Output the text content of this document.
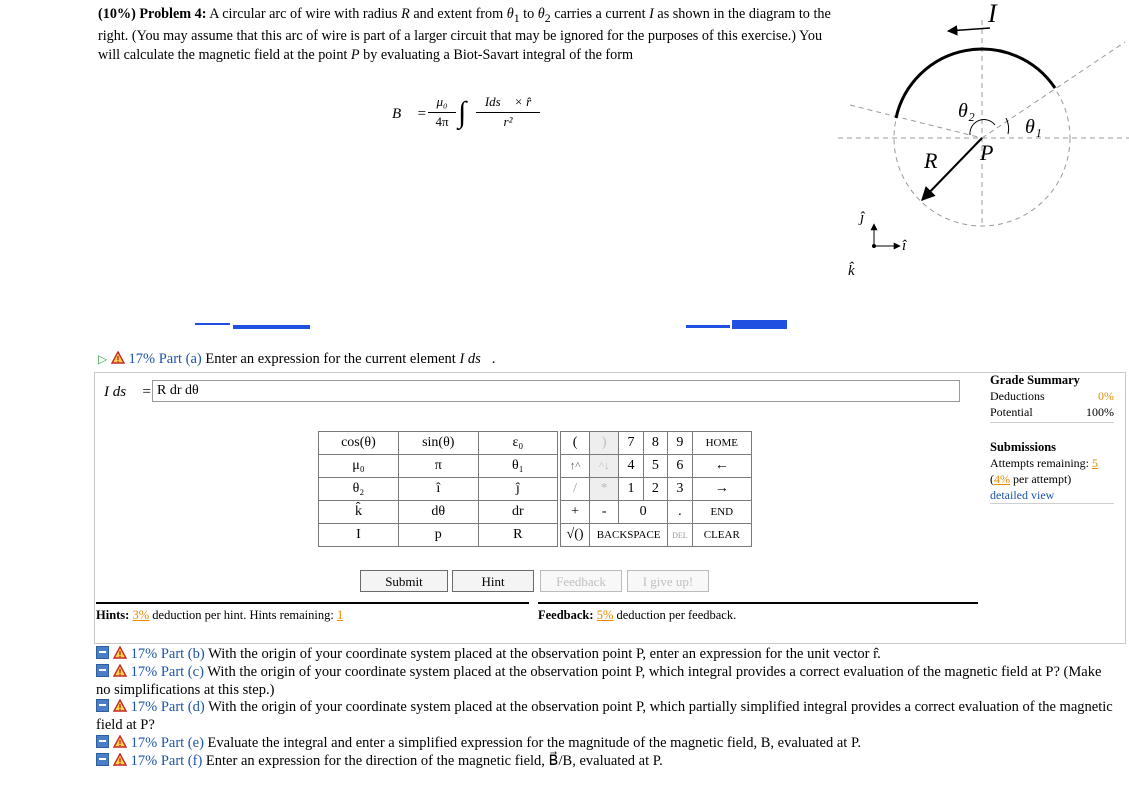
(10%) Problem 4: A circular arc of wire with radius R and extent from $\theta_1$ to $\theta_2$ carries a current I as shown in the diagram to the right. (You may assume that this arc of wire is part of a larger circuit that may be ignored for the purposes of this exercise.) You will calculate the magnetic field at the point P by evaluating a Biot-Savart integral of the form
B⃗ =
μ₀
4π ∫	Ids⃗ × r̂
r²
I
θ₂
θ₁
R P
ĵ
î
k̂
▷ 17% Part (a) Enter an expression for the current element I ds⃗.
I ds⃗ = R dr dθ
Grade Summary
Deductions	0%
Potential	100%
Submissions
Attempts remaining: 5
(4% per attempt)
detailed view
cos(θ)	sin(θ)	ε₀
μ₀	π	θ₁
θ₂	î	ĵ
k̂	dθ	dr
I	p	R
(	)	7	8	9	HOME
↑^	^↓	4	5	6	←
/	*	1	2	3	→
+	-	0		.	END
√()	BACKSPACE			DEL	CLEAR
Submit	Hint	Feedback	I give up!
Hints: 3% deduction per hint. Hints remaining: 1	Feedback: 5% deduction per feedback.
17% Part (b) With the origin of your coordinate system placed at the observation point P, enter an expression for the unit vector r̂.
17% Part (c) With the origin of your coordinate system placed at the observation point P, which integral provides a correct evaluation of the magnetic field at P? (Make no simplifications at this step.)
17% Part (d) With the origin of your coordinate system placed at the observation point P, which partially simplified integral provides a correct evaluation of the magnetic field at P?
17% Part (e) Evaluate the integral and enter a simplified expression for the magnitude of the magnetic field, B, evaluated at P.
17% Part (f) Enter an expression for the direction of the magnetic field, B⃗/B, evaluated at P.
